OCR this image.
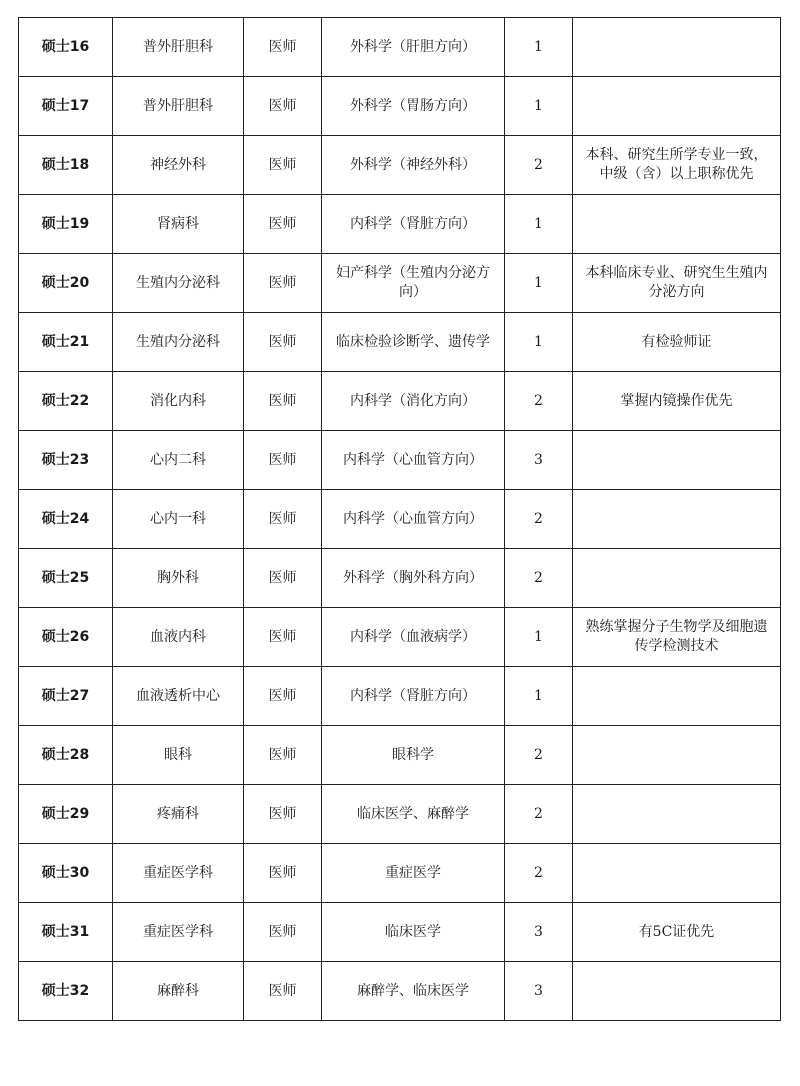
硕士16	普外肝胆科	医师	外科学（肝胆方向）	1	
硕士17	普外肝胆科	医师	外科学（胃肠方向）	1	
硕士18	神经外科	医师	外科学（神经外科）	2	本科、研究生所学专业一致，中级（含）以上职称优先
硕士19	肾病科	医师	内科学（肾脏方向）	1	
硕士20	生殖内分泌科	医师	妇产科学（生殖内分泌方向）	1	本科临床专业、研究生生殖内分泌方向
硕士21	生殖内分泌科	医师	临床检验诊断学、遗传学	1	有检验师证
硕士22	消化内科	医师	内科学（消化方向）	2	掌握内镜操作优先
硕士23	心内二科	医师	内科学（心血管方向）	3	
硕士24	心内一科	医师	内科学（心血管方向）	2	
硕士25	胸外科	医师	外科学（胸外科方向）	2	
硕士26	血液内科	医师	内科学（血液病学）	1	熟练掌握分子生物学及细胞遗传学检测技术
硕士27	血液透析中心	医师	内科学（肾脏方向）	1	
硕士28	眼科	医师	眼科学	2	
硕士29	疼痛科	医师	临床医学、麻醉学	2	
硕士30	重症医学科	医师	重症医学	2	
硕士31	重症医学科	医师	临床医学	3	有5C证优先
硕士32	麻醉科	医师	麻醉学、临床医学	3	
